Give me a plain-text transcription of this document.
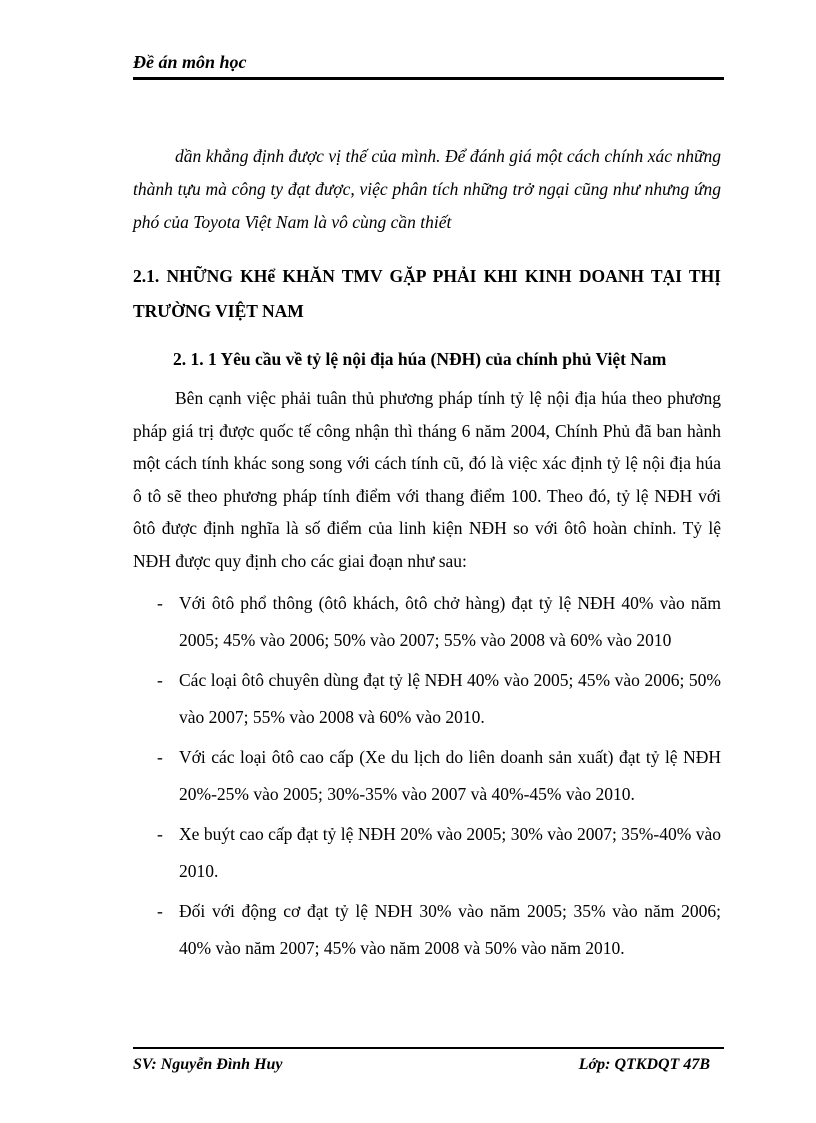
Đề án môn học

dần khẳng định được vị thế của mình. Để đánh giá một cách chính xác những thành tựu mà công ty đạt được, việc phân tích những trở ngại cũng như nhưng ứng phó của Toyota Việt Nam là vô cùng cần thiết

2.1. NHỮNG KHể KHĂN TMV GẶP PHẢI KHI KINH DOANH TẠI THỊ TRƯỜNG VIỆT NAM

2. 1. 1 Yêu cầu về tỷ lệ nội địa húa (NĐH) của chính phủ Việt Nam

Bên cạnh việc phải tuân thủ phương pháp tính tỷ lệ nội địa húa theo phương pháp giá trị được quốc tế công nhận thì tháng 6 năm 2004, Chính Phủ đã ban hành một cách tính khác song song với cách tính cũ, đó là việc xác định tỷ lệ nội địa húa ô tô sẽ theo phương pháp tính điểm với thang điểm 100. Theo đó, tỷ lệ NĐH với ôtô được định nghĩa là số điểm của linh kiện NĐH so với ôtô hoàn chỉnh. Tỷ lệ NĐH được quy định cho các giai đoạn như sau:

- Với ôtô phổ thông (ôtô khách, ôtô chở hàng) đạt tỷ lệ NĐH 40% vào năm 2005; 45% vào 2006; 50% vào 2007; 55% vào 2008 và 60% vào 2010
- Các loại ôtô chuyên dùng đạt tỷ lệ NĐH 40% vào 2005; 45% vào 2006; 50% vào 2007; 55% vào 2008 và 60% vào 2010.
- Với các loại ôtô cao cấp (Xe du lịch do liên doanh sản xuất) đạt tỷ lệ NĐH 20%-25% vào 2005; 30%-35% vào 2007 và 40%-45% vào 2010.
- Xe buýt cao cấp đạt tỷ lệ NĐH 20% vào 2005; 30% vào 2007; 35%-40% vào 2010.
- Đối với động cơ đạt tỷ lệ NĐH 30% vào năm 2005; 35% vào năm 2006; 40% vào năm 2007; 45% vào năm 2008 và 50% vào năm 2010.
SV: Nguyễn Đình Huy	Lớp: QTKDQT 47B
